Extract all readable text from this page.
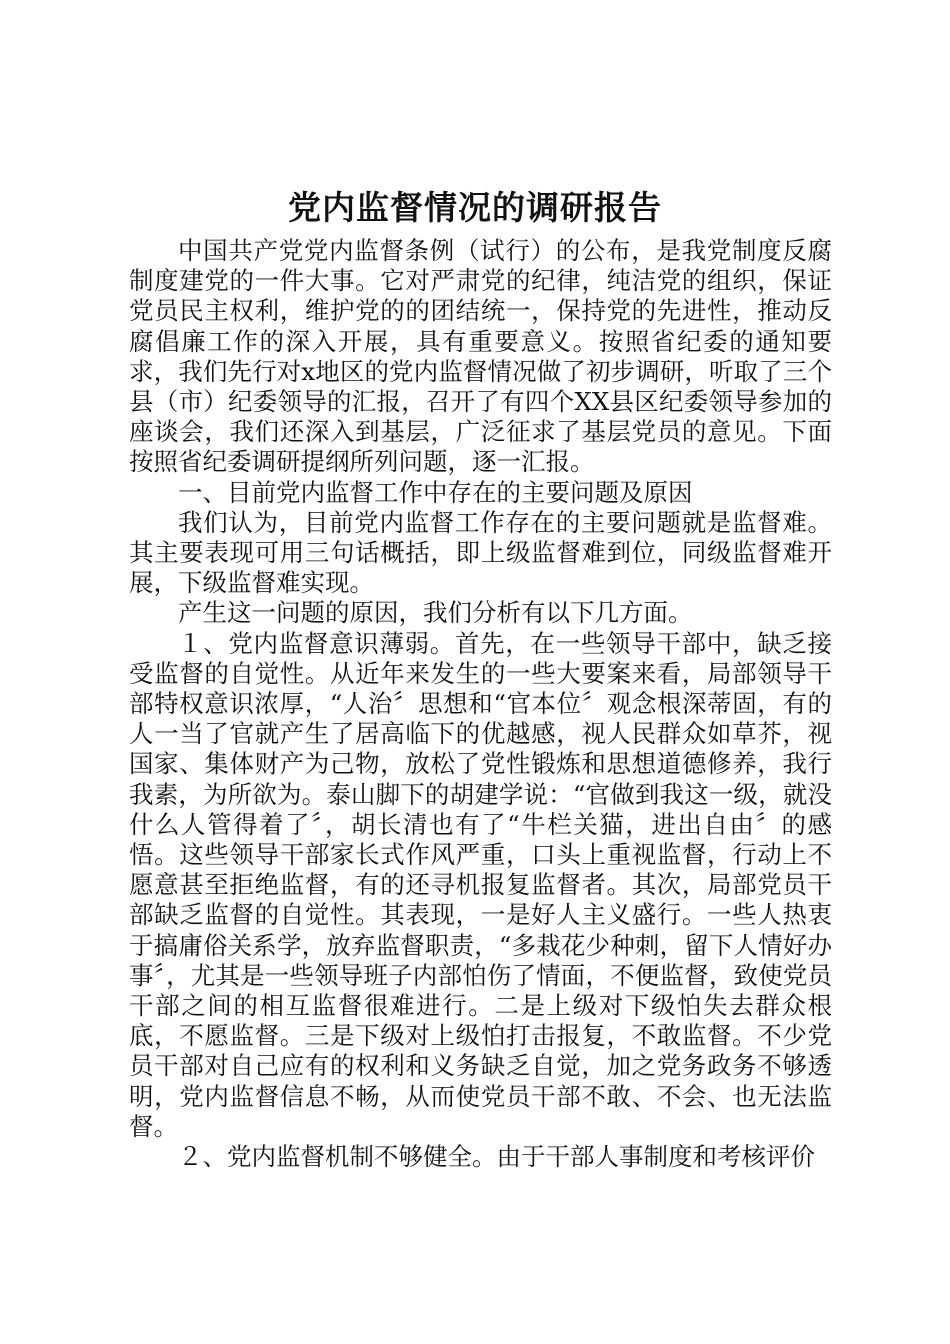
党内监督情况的调研报告

中国共产党党内监督条例（试行）的公布，是我党制度反腐制度建党的一件大事。它对严肃党的纪律，纯洁党的组织，保证党员民主权利，维护党的的团结统一，保持党的先进性，推动反腐倡廉工作的深入开展，具有重要意义。按照省纪委的通知要求，我们先行对x地区的党内监督情况做了初步调研，听取了三个县（市）纪委领导的汇报，召开了有四个XX县区纪委领导参加的座谈会，我们还深入到基层，广泛征求了基层党员的意见。下面按照省纪委调研提纲所列问题，逐一汇报。

一、目前党内监督工作中存在的主要问题及原因

我们认为，目前党内监督工作存在的主要问题就是监督难。其主要表现可用三句话概括，即上级监督难到位，同级监督难开展，下级监督难实现。

产生这一问题的原因，我们分析有以下几方面。

１、党内监督意识薄弱。首先，在一些领导干部中，缺乏接受监督的自觉性。从近年来发生的一些大要案来看，局部领导干部特权意识浓厚，“人治〞思想和“官本位〞观念根深蒂固，有的人一当了官就产生了居高临下的优越感，视人民群众如草芥，视国家、集体财产为己物，放松了党性锻炼和思想道德修养，我行我素，为所欲为。泰山脚下的胡建学说：“官做到我这一级，就没什么人管得着了〞，胡长清也有了“牛栏关猫，进出自由〞的感悟。这些领导干部家长式作风严重，口头上重视监督，行动上不愿意甚至拒绝监督，有的还寻机报复监督者。其次，局部党员干部缺乏监督的自觉性。其表现，一是好人主义盛行。一些人热衷于搞庸俗关系学，放弃监督职责，“多栽花少种刺，留下人情好办事〞，尤其是一些领导班子内部怕伤了情面，不便监督，致使党员干部之间的相互监督很难进行。二是上级对下级怕失去群众根底，不愿监督。三是下级对上级怕打击报复，不敢监督。不少党员干部对自己应有的权利和义务缺乏自觉，加之党务政务不够透明，党内监督信息不畅，从而使党员干部不敢、不会、也无法监督。

２、党内监督机制不够健全。由于干部人事制度和考核评价
